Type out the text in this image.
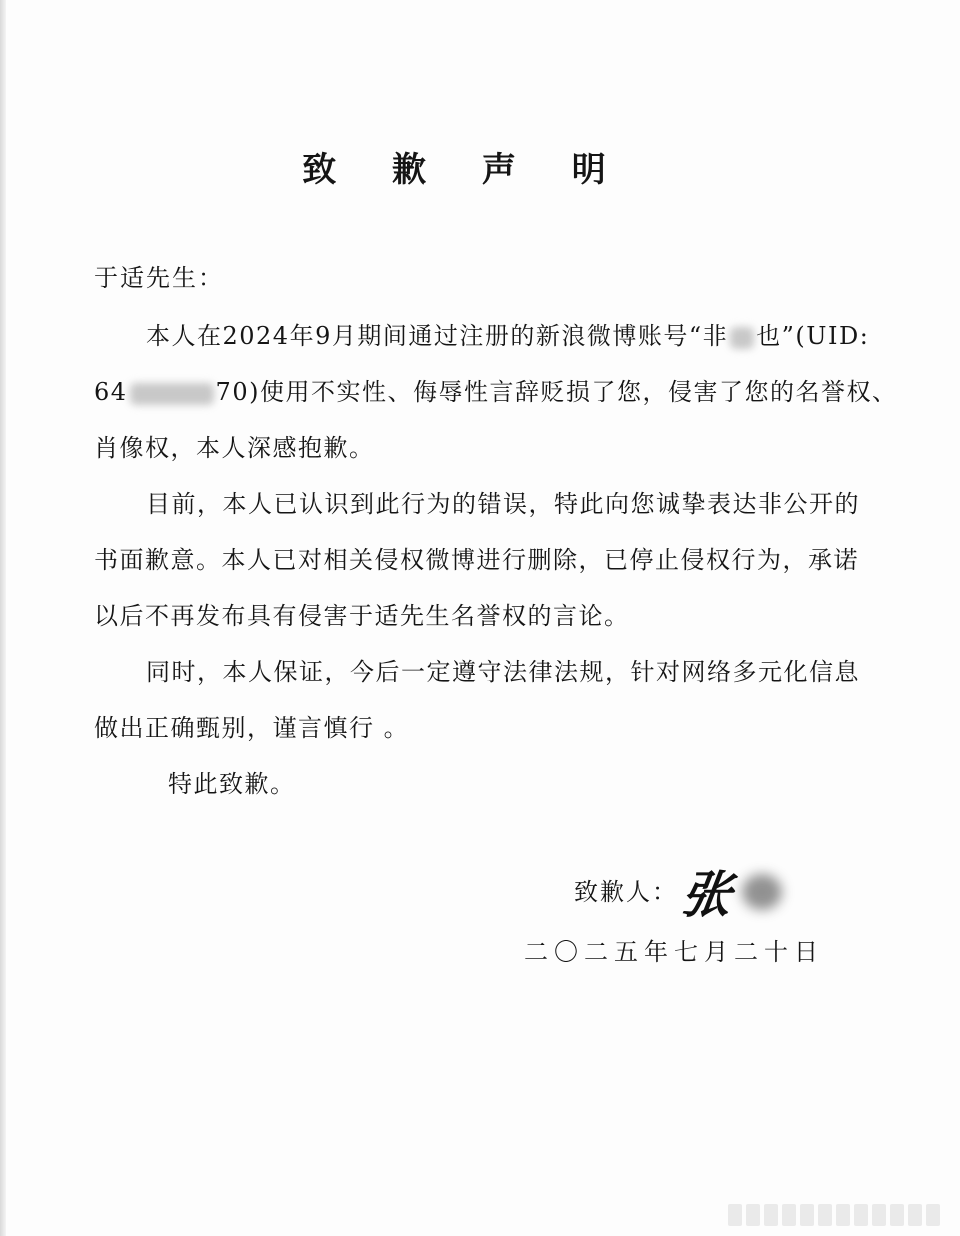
致 歉 声 明
于适先生：
本人在2024年9月期间通过注册的新浪微博账号“非 也”(UID:
64	70)使用不实性、侮辱性言辞贬损了您，侵害了您的名誉权、
肖像权，本人深感抱歉。
目前，本人已认识到此行为的错误，特此向您诚挚表达非公开的
书面歉意。本人已对相关侵权微博进行删除，已停止侵权行为，承诺
以后不再发布具有侵害于适先生名誉权的言论。
同时，本人保证，今后一定遵守法律法规，针对网络多元化信息
做出正确甄别，谨言慎行 。
特此致歉。
致歉人： 张
二〇二五年七月二十日
